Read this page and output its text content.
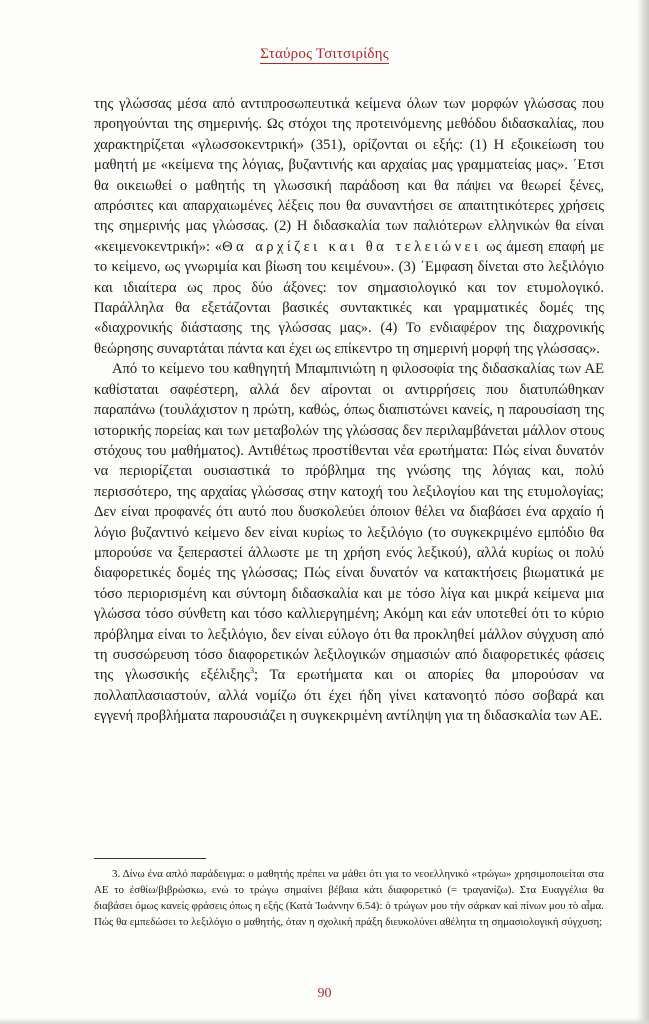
Σταύρος Τσιτσιρίδης

της γλώσσας μέσα από αντιπροσωπευτικά κείμενα όλων των μορφών γλώσσας που προηγούνται της σημερινής. Ως στόχοι της προτεινόμενης μεθόδου διδασκαλίας, που χαρακτηρίζεται «γλωσσοκεντρική» (351), ορίζονται οι εξής: (1) Η εξοικείωση του μαθητή με «κείμενα της λόγιας, βυζαντινής και αρχαίας μας γραμματείας μας». ΄Ετσι θα οικειωθεί ο μαθητής τη γλωσσική παράδοση και θα πάψει να θεωρεί ξένες, απρόσιτες και απαρχαιωμένες λέξεις που θα συναντήσει σε απαιτητικότερες χρήσεις της σημερινής μας γλώσσας. (2) Η διδασκαλία των παλιότερων ελληνικών θα είναι «κειμενοκεντρική»: «Θα αρχίζει και θα τελειώνει ως άμεση επαφή με το κείμενο, ως γνωριμία και βίωση του κειμένου». (3) ΄Εμφαση δίνεται στο λεξιλόγιο και ιδιαίτερα ως προς δύο άξονες: τον σημασιολογικό και τον ετυμολογικό. Παράλληλα θα εξετάζονται βασικές συντακτικές και γραμματικές δομές της «διαχρονικής διάστασης της γλώσσας μας». (4) Το ενδιαφέρον της διαχρονικής θεώρησης συναρτάται πάντα και έχει ως επίκεντρο τη σημερινή μορφή της γλώσσας».

Από το κείμενο του καθηγητή Μπαμπινιώτη η φιλοσοφία της διδασκαλίας των ΑΕ καθίσταται σαφέστερη, αλλά δεν αίρονται οι αντιρρήσεις που διατυπώθηκαν παραπάνω (τουλάχιστον η πρώτη, καθώς, όπως διαπιστώνει κανείς, η παρουσίαση της ιστορικής πορείας και των μεταβολών της γλώσσας δεν περιλαμβάνεται μάλλον στους στόχους του μαθήματος). Αντιθέτως προστίθενται νέα ερωτήματα: Πώς είναι δυνατόν να περιορίζεται ουσιαστικά το πρόβλημα της γνώσης της λόγιας και, πολύ περισσότερο, της αρχαίας γλώσσας στην κατοχή του λεξιλογίου και της ετυμολογίας; Δεν είναι προφανές ότι αυτό που δυσκολεύει όποιον θέλει να διαβάσει ένα αρχαίο ή λόγιο βυζαντινό κείμενο δεν είναι κυρίως το λεξιλόγιο (το συγκεκριμένο εμπόδιο θα μπορούσε να ξεπεραστεί άλλωστε με τη χρήση ενός λεξικού), αλλά κυρίως οι πολύ διαφορετικές δομές της γλώσσας; Πώς είναι δυνατόν να κατακτήσεις βιωματικά με τόσο περιορισμένη και σύντομη διδασκαλία και με τόσο λίγα και μικρά κείμενα μια γλώσσα τόσο σύνθετη και τόσο καλλιεργημένη; Ακόμη και εάν υποτεθεί ότι το κύριο πρόβλημα είναι το λεξιλόγιο, δεν είναι εύλογο ότι θα προκληθεί μάλλον σύγχυση από τη συσσώρευση τόσο διαφορετικών λεξιλογικών σημασιών από διαφορετικές φάσεις της γλωσσικής εξέλιξης$^3$; Τα ερωτήματα και οι απορίες θα μπορούσαν να πολλαπλασιαστούν, αλλά νομίζω ότι έχει ήδη γίνει κατανοητό πόσο σοβαρά και εγγενή προβλήματα παρουσιάζει η συγκεκριμένη αντίληψη για τη διδασκαλία των ΑΕ.

3. Δίνω ένα απλό παράδειγμα: ο μαθητής πρέπει να μάθει ότι για το νεοελληνικό «τρώγω» χρησιμοποιείται στα ΑΕ το ἐσθίω/βιβρώσκω, ενώ το τρώγω σημαίνει βέβαια κάτι διαφορετικό (= τραγανίζω). Στα Ευαγγέλια θα διαβάσει όμως κανείς φράσεις όπως η εξής (Κατὰ Ἰωάννην 6.54): ὁ τρώγων μου τὴν σάρκαν καὶ πίνων μου τὸ αἷμα. Πώς θα εμπεδώσει το λεξιλόγιο ο μαθητής, όταν η σχολική πράξη διευκολύνει αθέλητα τη σημασιολογική σύγχυση;

90
